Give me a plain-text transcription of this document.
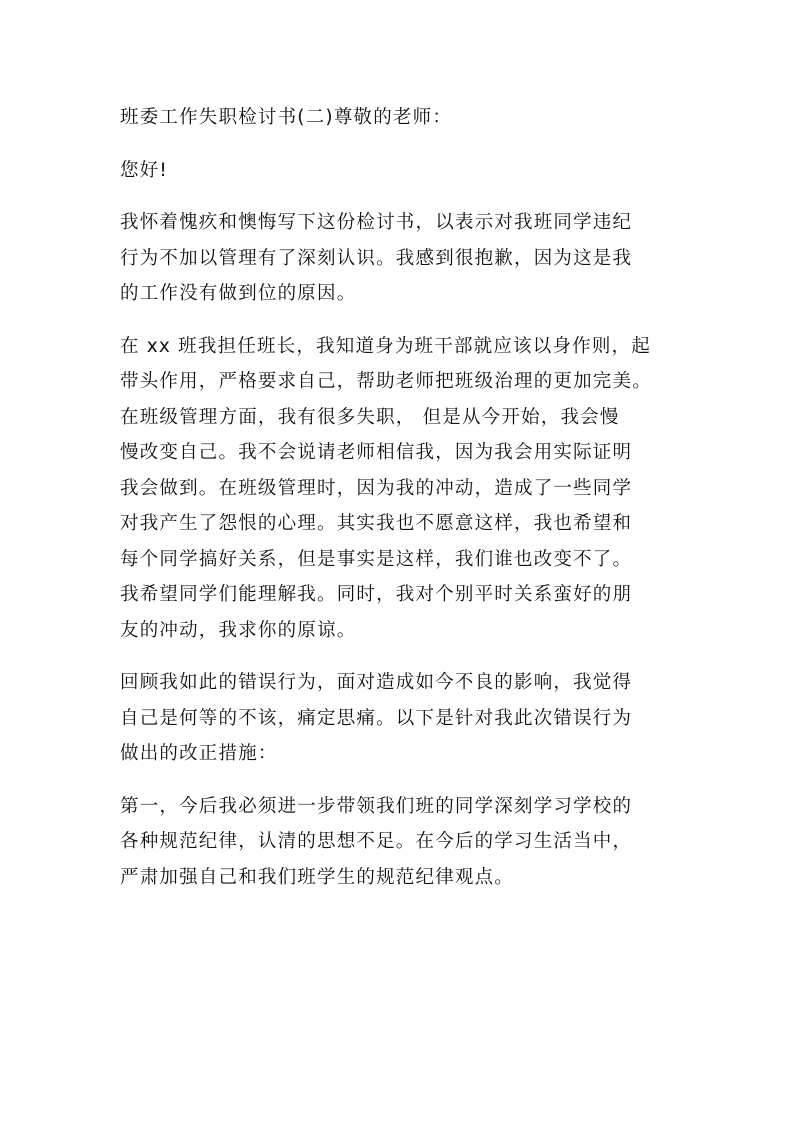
班委工作失职检讨书(二)尊敬的老师：

您好!

我怀着愧疚和懊悔写下这份检讨书，以表示对我班同学违纪
行为不加以管理有了深刻认识。我感到很抱歉，因为这是我
的工作没有做到位的原因。

在 xx 班我担任班长，我知道身为班干部就应该以身作则，起
带头作用，严格要求自己，帮助老师把班级治理的更加完美。
在班级管理方面，我有很多失职， 但是从今开始，我会慢
慢改变自己。我不会说请老师相信我，因为我会用实际证明
我会做到。在班级管理时，因为我的冲动，造成了一些同学
对我产生了怨恨的心理。其实我也不愿意这样，我也希望和
每个同学搞好关系，但是事实是这样，我们谁也改变不了。
我希望同学们能理解我。同时，我对个别平时关系蛮好的朋
友的冲动，我求你的原谅。

回顾我如此的错误行为，面对造成如今不良的影响，我觉得
自己是何等的不该，痛定思痛。以下是针对我此次错误行为
做出的改正措施：

第一，今后我必须进一步带领我们班的同学深刻学习学校的
各种规范纪律，认清的思想不足。在今后的学习生活当中，
严肃加强自己和我们班学生的规范纪律观点。
